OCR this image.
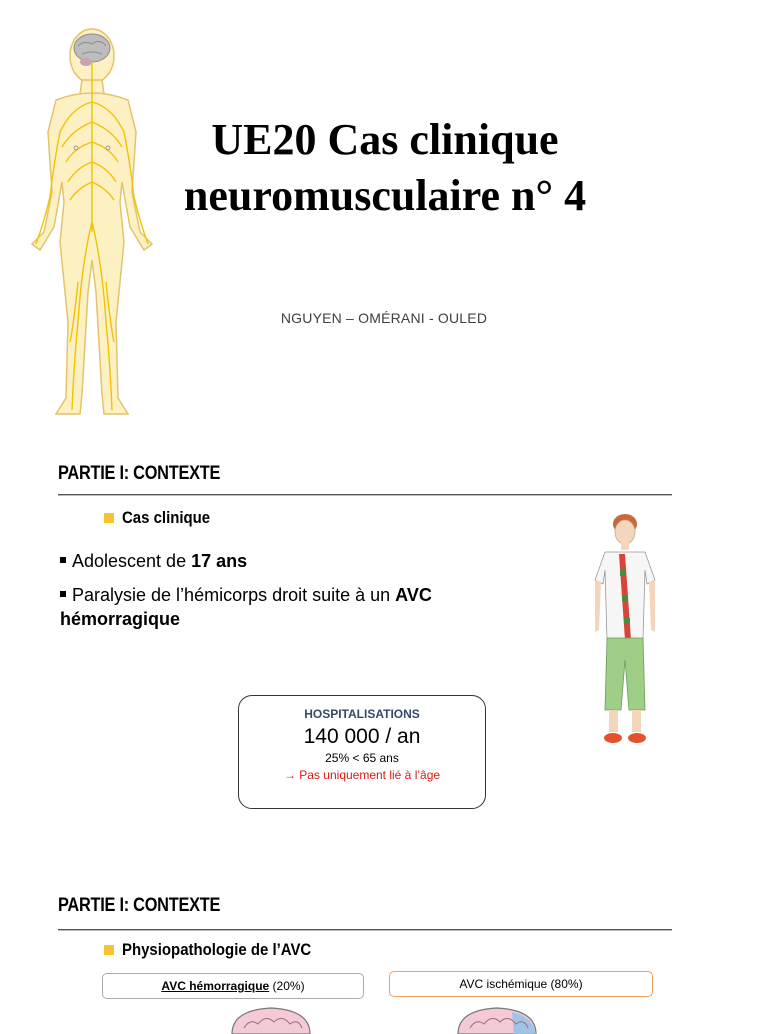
UE20 Cas clinique
neuromusculaire n° 4
NGUYEN – OMÉRANI - OULED
PARTIE I: CONTEXTE
Cas clinique
Adolescent de 17 ans
Paralysie de l’hémicorps droit suite à un AVC hémorragique
HOSPITALISATIONS
140 000 / an
25% < 65 ans
→ Pas uniquement lié à l’âge
PARTIE I: CONTEXTE
Physiopathologie de l’AVC
AVC hémorragique (20%)	AVC ischémique (80%)
